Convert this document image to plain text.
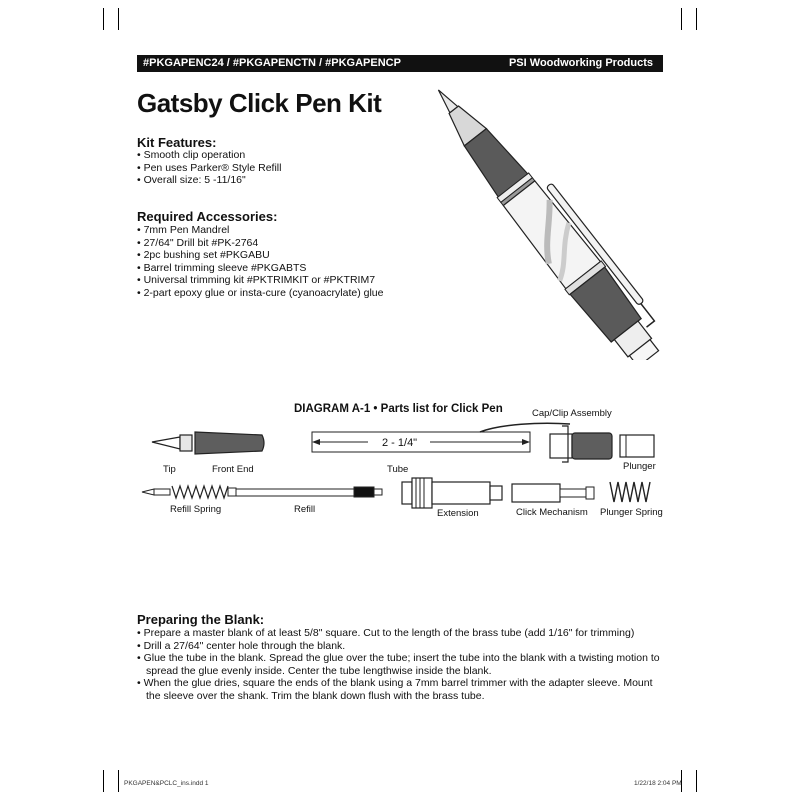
#PKGAPENC24 / #PKGAPENCTN / #PKGAPENCP	PSI Woodworking Products
Gatsby Click Pen Kit
Kit Features:
• Smooth clip operation
• Pen uses Parker® Style Refill
• Overall size: 5 -11/16"
Required Accessories:
• 7mm Pen Mandrel
• 27/64" Drill bit #PK-2764
• 2pc bushing set #PKGABU
• Barrel trimming sleeve #PKGABTS
• Universal trimming kit #PKTRIMKIT or #PKTRIM7
• 2-part epoxy glue or insta-cure (cyanoacrylate) glue
DIAGRAM A-1 • Parts list for Click Pen
2 - 1/4"
Cap/Clip Assembly
Tip	Front End	Tube	Plunger
Refill Spring	Refill	Extension	Click Mechanism Plunger Spring
Preparing the Blank:
• Prepare a master blank of at least 5/8" square. Cut to the length of the brass tube (add 1/16" for trimming)
• Drill a 27/64" center hole through the blank.
• Glue the tube in the blank. Spread the glue over the tube; insert the tube into the blank with a twisting motion to spread the glue evenly inside. Center the tube lengthwise inside the blank.
• When the glue dries, square the ends of the blank using a 7mm barrel trimmer with the adapter sleeve. Mount the sleeve over the shank. Trim the blank down flush with the brass tube.
PKGAPEN&PCLC_ins.indd 1	1/22/18 2:04 PM
